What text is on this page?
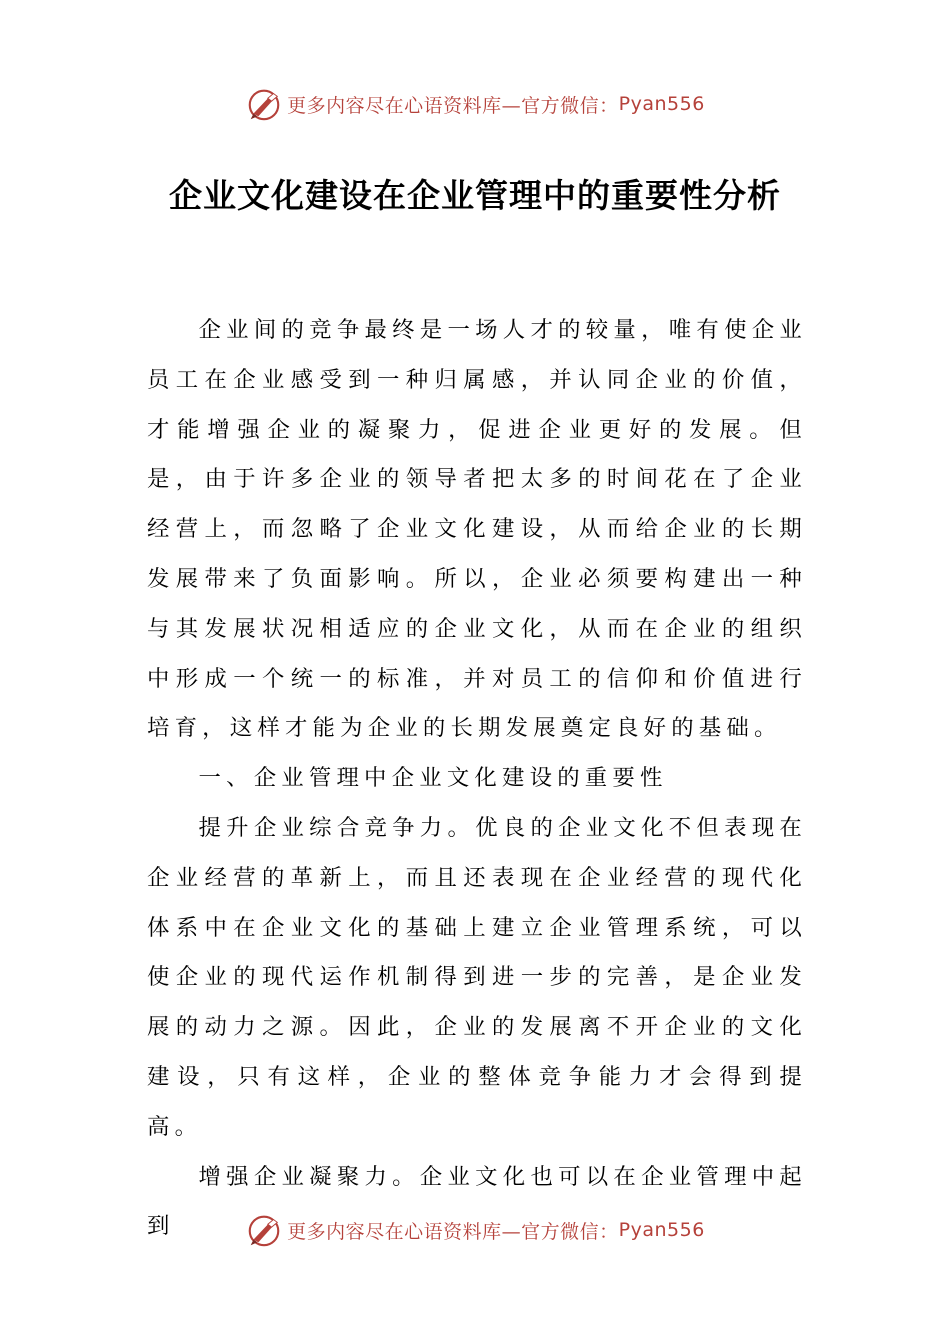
更多内容尽在心语资料库—官方微信： Pyan556
企业文化建设在企业管理中的重要性分析

企业间的竞争最终是一场人才的较量，唯有使企业员工在企业感受到一种归属感，并认同企业的价值，才能增强企业的凝聚力，促进企业更好的发展。但是，由于许多企业的领导者把太多的时间花在了企业经营上，而忽略了企业文化建设，从而给企业的长期发展带来了负面影响。所以，企业必须要构建出一种与其发展状况相适应的企业文化，从而在企业的组织中形成一个统一的标准，并对员工的信仰和价值进行培育，这样才能为企业的长期发展奠定良好的基础。

一、企业管理中企业文化建设的重要性

提升企业综合竞争力。优良的企业文化不但表现在企业经营的革新上，而且还表现在企业经营的现代化体系中在企业文化的基础上建立企业管理系统，可以使企业的现代运作机制得到进一步的完善，是企业发展的动力之源。因此，企业的发展离不开企业的文化建设，只有这样，企业的整体竞争能力才会得到提高。

增强企业凝聚力。企业文化也可以在企业管理中起到	更多内容尽在心语资料库—官方微信： Pyan556
